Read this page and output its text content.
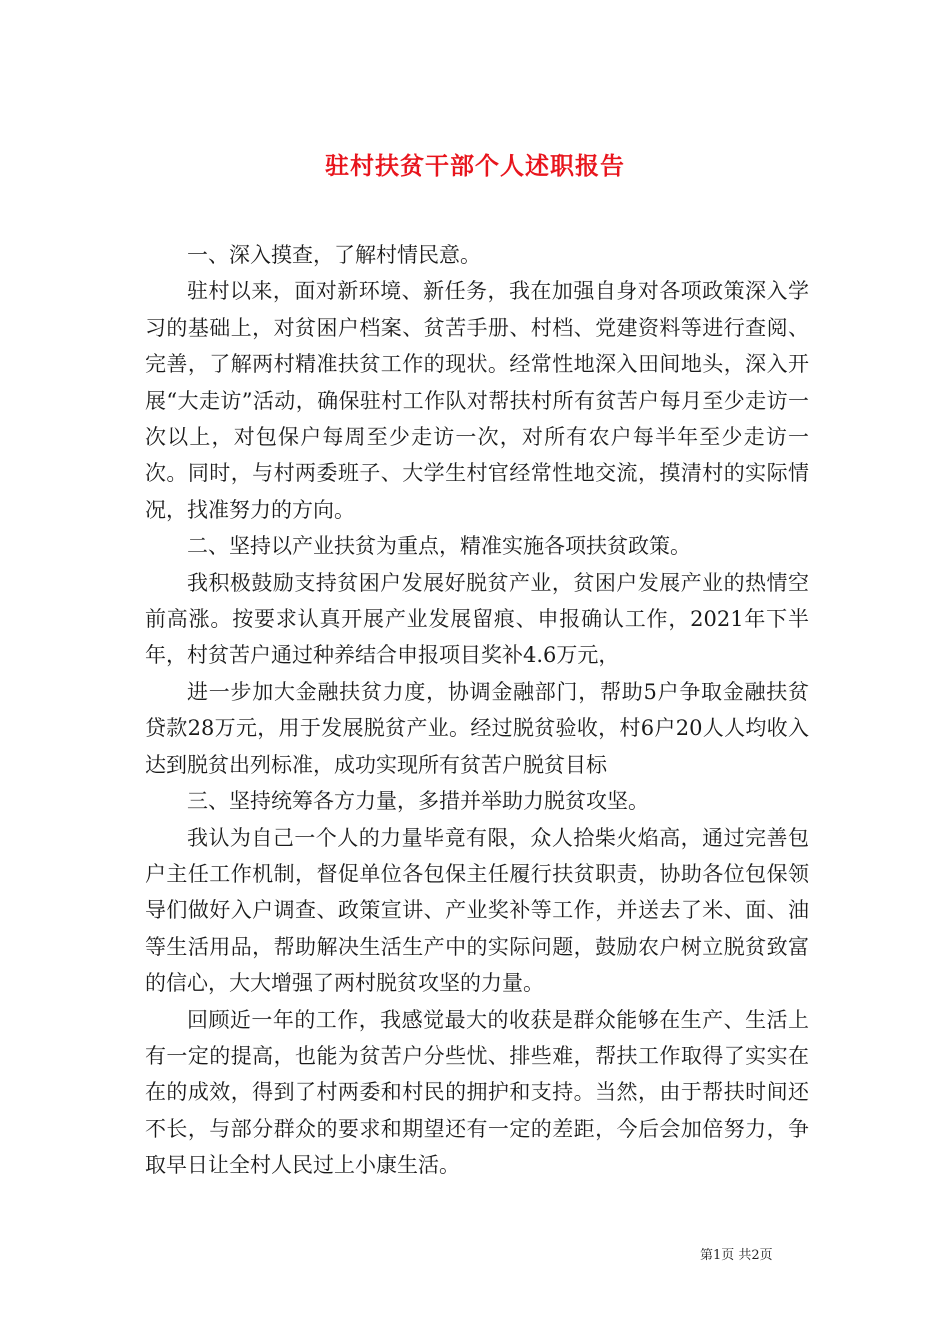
驻村扶贫干部个人述职报告

一、深入摸查，了解村情民意。

驻村以来，面对新环境、新任务，我在加强自身对各项政策深入学习的基础上，对贫困户档案、贫苦手册、村档、党建资料等进行查阅、完善，了解两村精准扶贫工作的现状。经常性地深入田间地头，深入开展“大走访”活动，确保驻村工作队对帮扶村所有贫苦户每月至少走访一次以上，对包保户每周至少走访一次，对所有农户每半年至少走访一次。同时，与村两委班子、大学生村官经常性地交流，摸清村的实际情况，找准努力的方向。

二、坚持以产业扶贫为重点，精准实施各项扶贫政策。

我积极鼓励支持贫困户发展好脱贫产业，贫困户发展产业的热情空前高涨。按要求认真开展产业发展留痕、申报确认工作，2021年下半年，村贫苦户通过种养结合申报项目奖补4.6万元，

进一步加大金融扶贫力度，协调金融部门，帮助5户争取金融扶贫贷款28万元，用于发展脱贫产业。经过脱贫验收，村6户20人人均收入达到脱贫出列标准，成功实现所有贫苦户脱贫目标

三、坚持统筹各方力量，多措并举助力脱贫攻坚。

我认为自己一个人的力量毕竟有限，众人拾柴火焰高，通过完善包户主任工作机制，督促单位各包保主任履行扶贫职责，协助各位包保领导们做好入户调查、政策宣讲、产业奖补等工作，并送去了米、面、油等生活用品，帮助解决生活生产中的实际问题，鼓励农户树立脱贫致富的信心，大大增强了两村脱贫攻坚的力量。

回顾近一年的工作，我感觉最大的收获是群众能够在生产、生活上有一定的提高，也能为贫苦户分些忧、排些难，帮扶工作取得了实实在在的成效，得到了村两委和村民的拥护和支持。当然，由于帮扶时间还不长，与部分群众的要求和期望还有一定的差距，今后会加倍努力，争取早日让全村人民过上小康生活。

第1页 共2页
